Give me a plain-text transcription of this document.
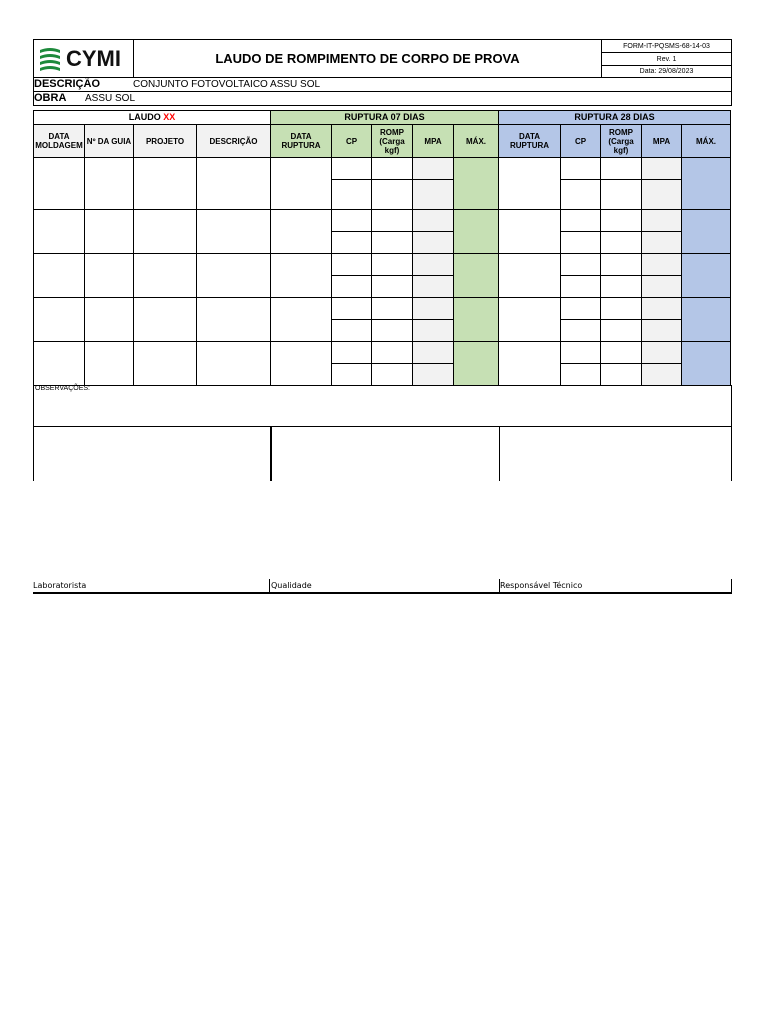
CYMI	LAUDO DE ROMPIMENTO DE CORPO DE PROVA
FORM-IT-PQSMS-68-14-03
Rev. 1
Data: 29/08/2023
DESCRIÇÃO	CONJUNTO FOTOVOLTAICO ASSU SOL
OBRA ASSU SOL
LAUDO XX				RUPTURA 07 DIAS					RUPTURA 28 DIAS				
DATA MOLDAGEM	Nº DA GUIA	PROJETO	DESCRIÇÃO	DATA RUPTURA	CP	ROMP (Carga kgf)	MPA	MÁX.	DATA RUPTURA	CP	ROMP (Carga kgf)	MPA	MÁX.

OBSERVAÇÕES:
Laboratorista	Qualidade	Responsável Técnico
